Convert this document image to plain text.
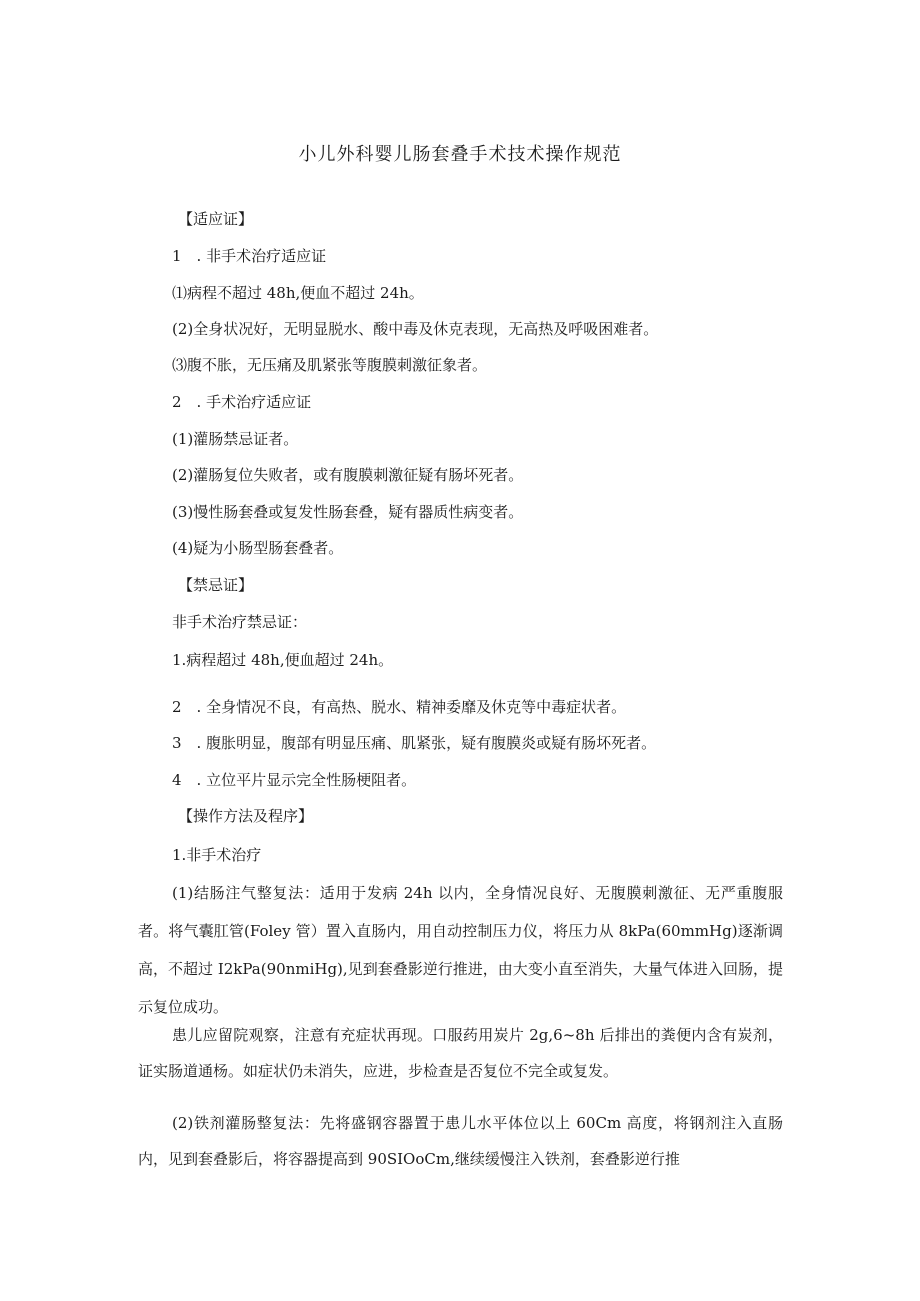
小儿外科婴儿肠套叠手术技术操作规范
【适应证】
1　. 非手术治疗适应证
⑴病程不超过 48h,便血不超过 24h。
(2)全身状况好，无明显脱水、酸中毒及休克表现，无高热及呼吸困难者。
⑶腹不胀，无压痛及肌紧张等腹膜刺激征象者。
2　. 手术治疗适应证
(1)灌肠禁忌证者。
(2)灌肠复位失败者，或有腹膜刺激征疑有肠坏死者。
(3)慢性肠套叠或复发性肠套叠，疑有器质性病变者。
(4)疑为小肠型肠套叠者。
【禁忌证】
非手术治疗禁忌证：
1.病程超过 48h,便血超过 24h。
2　. 全身情况不良，有高热、脱水、精神委靡及休克等中毒症状者。
3　. 腹胀明显，腹部有明显压痛、肌紧张，疑有腹膜炎或疑有肠坏死者。
4　. 立位平片显示完全性肠梗阻者。
【操作方法及程序】
1.非手术治疗

(1)结肠注气整复法：适用于发病 24h 以内，全身情况良好、无腹膜刺激征、无严重腹服者。将气囊肛管(Foley 管）置入直肠内，用自动控制压力仪，将压力从 8kPa(60mmHg)逐渐调高，不超过 I2kPa(90nmiHg),见到套叠影逆行推进，由大变小直至消失，大量气体进入回肠，提示复位成功。

患儿应留院观察，注意有充症状再现。口服药用炭片 2g,6~8h 后排出的粪便内含有炭剂，证实肠道通杨。如症状仍未消失，应进，步检查是否复位不完全或复发。

(2)铁剂灌肠整复法：先将盛钢容器置于患儿水平体位以上 60Cm 高度，将钢剂注入直肠内，见到套叠影后，将容器提高到 90SIOoCm,继续缓慢注入铁剂，套叠影逆行推
